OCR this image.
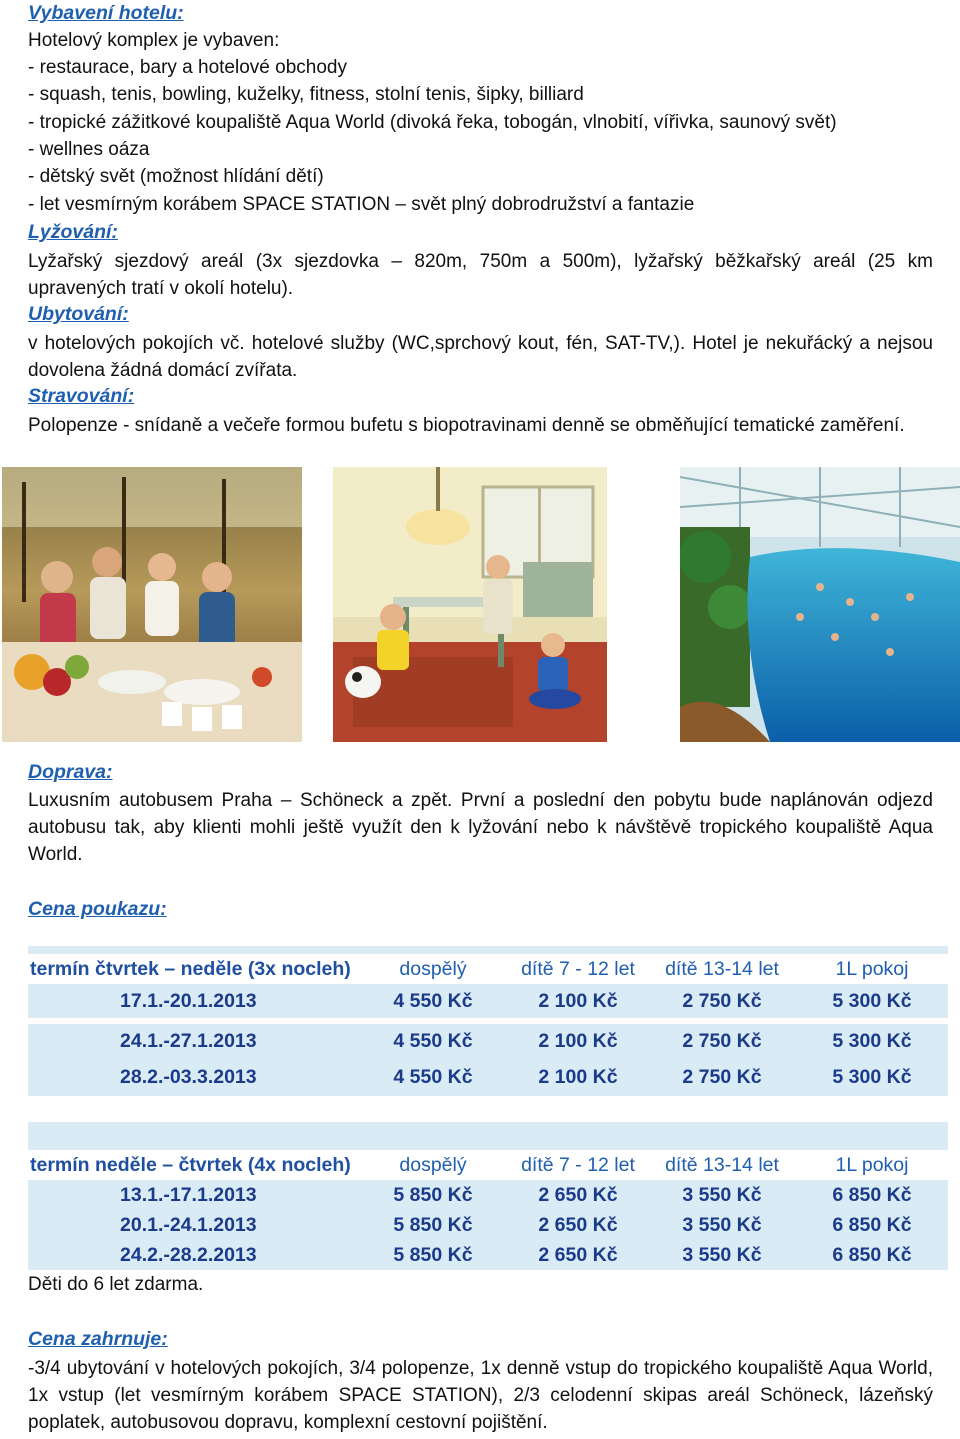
Vybavení hotelu:
Hotelový komplex je vybaven:
- restaurace, bary a hotelové obchody
- squash, tenis, bowling, kuželky, fitness, stolní tenis, šipky, billiard
- tropické zážitkové koupaliště Aqua World (divoká řeka, tobogán, vlnobití, vířivka, saunový svět)
- wellnes oáza
- dětský svět (možnost hlídání dětí)
- let vesmírným korábem SPACE STATION – svět plný dobrodružství a fantazie
Lyžování:
Lyžařský sjezdový areál (3x sjezdovka – 820m, 750m a 500m), lyžařský běžkařský areál (25 km upravených tratí v okolí hotelu).
Ubytování:
v hotelových pokojích vč. hotelové služby (WC,sprchový kout, fén, SAT-TV,). Hotel je nekuřácký a nejsou dovolena žádná domácí zvířata.
Stravování:
Polopenze - snídaně a večeře formou bufetu s biopotravinami denně se obměňující tematické zaměření.
Doprava:
Luxusním autobusem Praha – Schöneck a zpět. První a poslední den pobytu bude naplánován odjezd autobusu tak, aby klienti mohli ještě využít den k lyžování nebo k návštěvě tropického koupaliště Aqua World.
Cena poukazu:
termín čtvrtek – neděle (3x nocleh)	dospělý	dítě 7 - 12 let	dítě 13-14 let	1L pokoj
17.1.-20.1.2013	4 550 Kč	2 100 Kč	2 750 Kč	5 300 Kč

24.1.-27.1.2013	4 550 Kč	2 100 Kč	2 750 Kč	5 300 Kč
28.2.-03.3.2013	4 550 Kč	2 100 Kč	2 750 Kč	5 300 Kč
termín neděle – čtvrtek (4x nocleh)	dospělý	dítě 7 - 12 let	dítě 13-14 let	1L pokoj
13.1.-17.1.2013	5 850 Kč	2 650 Kč	3 550 Kč	6 850 Kč
20.1.-24.1.2013	5 850 Kč	2 650 Kč	3 550 Kč	6 850 Kč
24.2.-28.2.2013	5 850 Kč	2 650 Kč	3 550 Kč	6 850 Kč
Děti do 6 let zdarma.
Cena zahrnuje:
-3/4 ubytování v hotelových pokojích, 3/4 polopenze, 1x denně vstup do tropického koupaliště Aqua World, 1x vstup (let vesmírným korábem SPACE STATION), 2/3 celodenní skipas areál Schöneck, lázeňský poplatek, autobusovou dopravu, komplexní cestovní pojištění.
